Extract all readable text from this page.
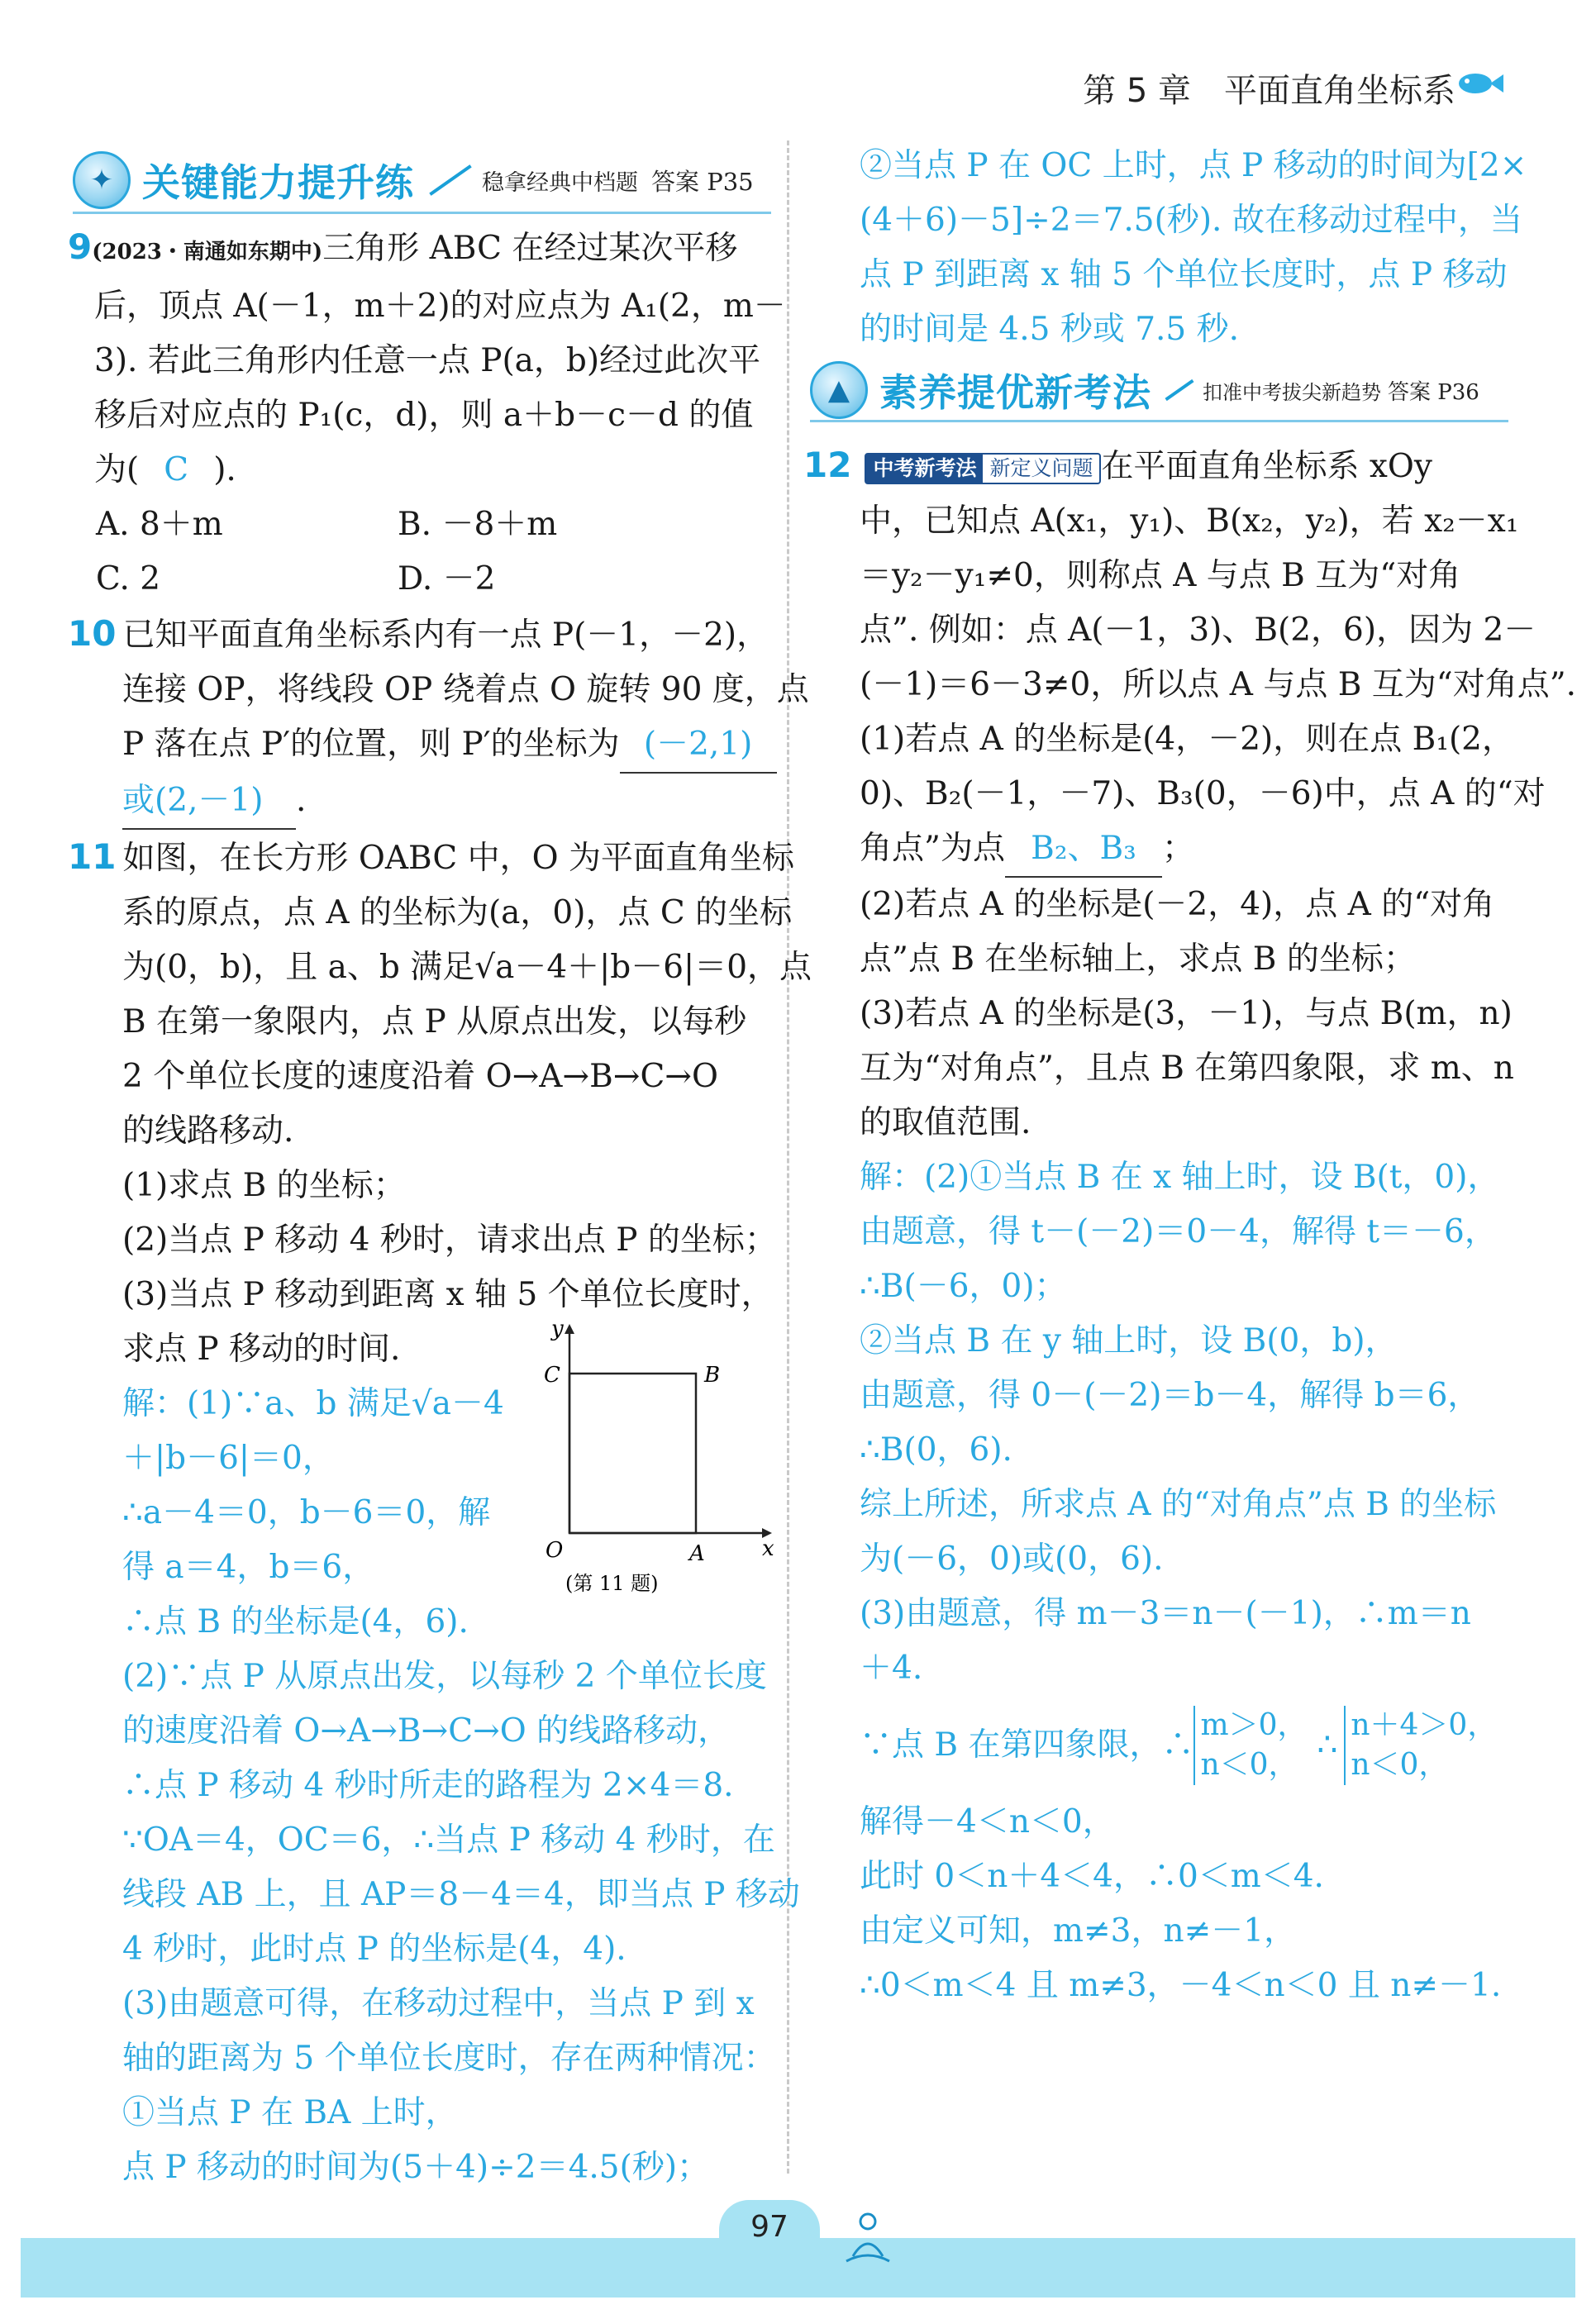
第 5 章　平面直角坐标系
✦ 关键能力提升练	稳拿经典中档题 答案 P35
9(2023・南通如东期中)三角形 ABC 在经过某次平移
后，顶点 A(－1，m＋2)的对应点为 A₁(2，m－
3). 若此三角形内任意一点 P(a，b)经过此次平
移后对应点的 P₁(c，d)，则 a＋b－c－d 的值
为( C ).
A. 8＋m	B. －8＋m
C. 2	D. －2
10 已知平面直角坐标系内有一点 P(－1，－2)，
连接 OP，将线段 OP 绕着点 O 旋转 90 度，点
P 落在点 P′的位置，则 P′的坐标为 (－2,1)
或(2,－1) .
11 如图，在长方形 OABC 中，O 为平面直角坐标
系的原点，点 A 的坐标为(a，0)，点 C 的坐标
为(0，b)，且 a、b 满足√a－4＋|b－6|＝0，点
B 在第一象限内，点 P 从原点出发，以每秒
2 个单位长度的速度沿着 O→A→B→C→O
的线路移动.
(1)求点 B 的坐标；
(2)当点 P 移动 4 秒时，请求出点 P 的坐标；
(3)当点 P 移动到距离 x 轴 5 个单位长度时，
求点 P 移动的时间.
解：(1)∵a、b 满足√a－4
＋|b－6|＝0，
∴a－4＝0，b－6＝0，解
得 a＝4，b＝6，
∴点 B 的坐标是(4，6).
(2)∵点 P 从原点出发，以每秒 2 个单位长度
的速度沿着 O→A→B→C→O 的线路移动，
∴点 P 移动 4 秒时所走的路程为 2×4＝8.
∵OA＝4，OC＝6，∴当点 P 移动 4 秒时，在
线段 AB 上，且 AP＝8－4＝4，即当点 P 移动
4 秒时，此时点 P 的坐标是(4，4).
(3)由题意可得，在移动过程中，当点 P 到 x
轴的距离为 5 个单位长度时，存在两种情况：
①当点 P 在 BA 上时，
点 P 移动的时间为(5＋4)÷2＝4.5(秒)；
y
x
C	B
O	A
(第 11 题)
②当点 P 在 OC 上时，点 P 移动的时间为[2×
(4＋6)－5]÷2＝7.5(秒). 故在移动过程中，当
点 P 到距离 x 轴 5 个单位长度时，点 P 移动
的时间是 4.5 秒或 7.5 秒.
▲ 素养提优新考法	扣准中考拔尖新趋势 答案 P36
12 中考新考法 新定义问题 在平面直角坐标系 xOy
中，已知点 A(x₁，y₁)、B(x₂，y₂)，若 x₂－x₁
＝y₂－y₁≠0，则称点 A 与点 B 互为“对角
点”. 例如：点 A(－1，3)、B(2，6)，因为 2－
(－1)＝6－3≠0，所以点 A 与点 B 互为“对角点”.
(1)若点 A 的坐标是(4，－2)，则在点 B₁(2，
0)、B₂(－1，－7)、B₃(0，－6)中，点 A 的“对
角点”为点 B₂、B₃ ；
(2)若点 A 的坐标是(－2，4)，点 A 的“对角
点”点 B 在坐标轴上，求点 B 的坐标；
(3)若点 A 的坐标是(3，－1)，与点 B(m，n)
互为“对角点”，且点 B 在第四象限，求 m、n
的取值范围.
解：(2)①当点 B 在 x 轴上时，设 B(t，0)，
由题意，得 t－(－2)＝0－4，解得 t＝－6，
∴B(－6，0)；
②当点 B 在 y 轴上时，设 B(0，b)，
由题意，得 0－(－2)＝b－4，解得 b＝6，
∴B(0，6).
综上所述，所求点 A 的“对角点”点 B 的坐标
为(－6，0)或(0，6).
(3)由题意，得 m－3＝n－(－1)，∴m＝n
＋4.
∵点 B 在第四象限，∴
m＞0，
n＜0，
∴
n＋4＞0，
n＜0，
解得－4＜n＜0，
此时 0＜n＋4＜4，∴0＜m＜4.
由定义可知，m≠3，n≠－1，
∴0＜m＜4 且 m≠3，－4＜n＜0 且 n≠－1.
97
